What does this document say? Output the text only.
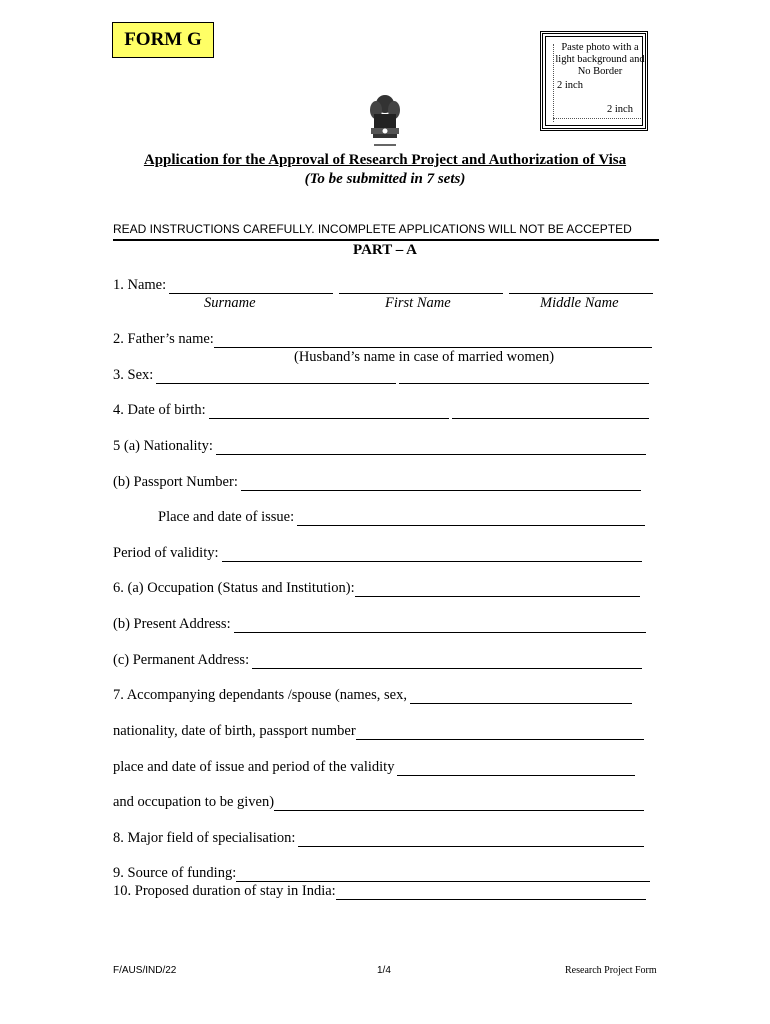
FORM G	Paste photo with a light background and No Border
2 inch
2 inch
Application for the Approval of Research Project and Authorization of Visa
(To be submitted in 7 sets)
READ INSTRUCTIONS CAREFULLY. INCOMPLETE APPLICATIONS WILL NOT BE ACCEPTED
PART – A
1. Name:
Surname	First Name	Middle Name
2. Father’s name:
(Husband’s name in case of married women)
3. Sex:
4. Date of birth:
5 (a) Nationality:
(b) Passport Number:
Place and date of issue:
Period of validity:
6. (a) Occupation (Status and Institution):
(b) Present Address:
(c) Permanent Address:
7. Accompanying dependants /spouse (names, sex,
nationality, date of birth, passport number
place and date of issue and period of the validity
and occupation to be given)
8. Major field of specialisation:
9. Source of funding:
10. Proposed duration of stay in India:
F/AUS/IND/22	1/4	Research Project Form
